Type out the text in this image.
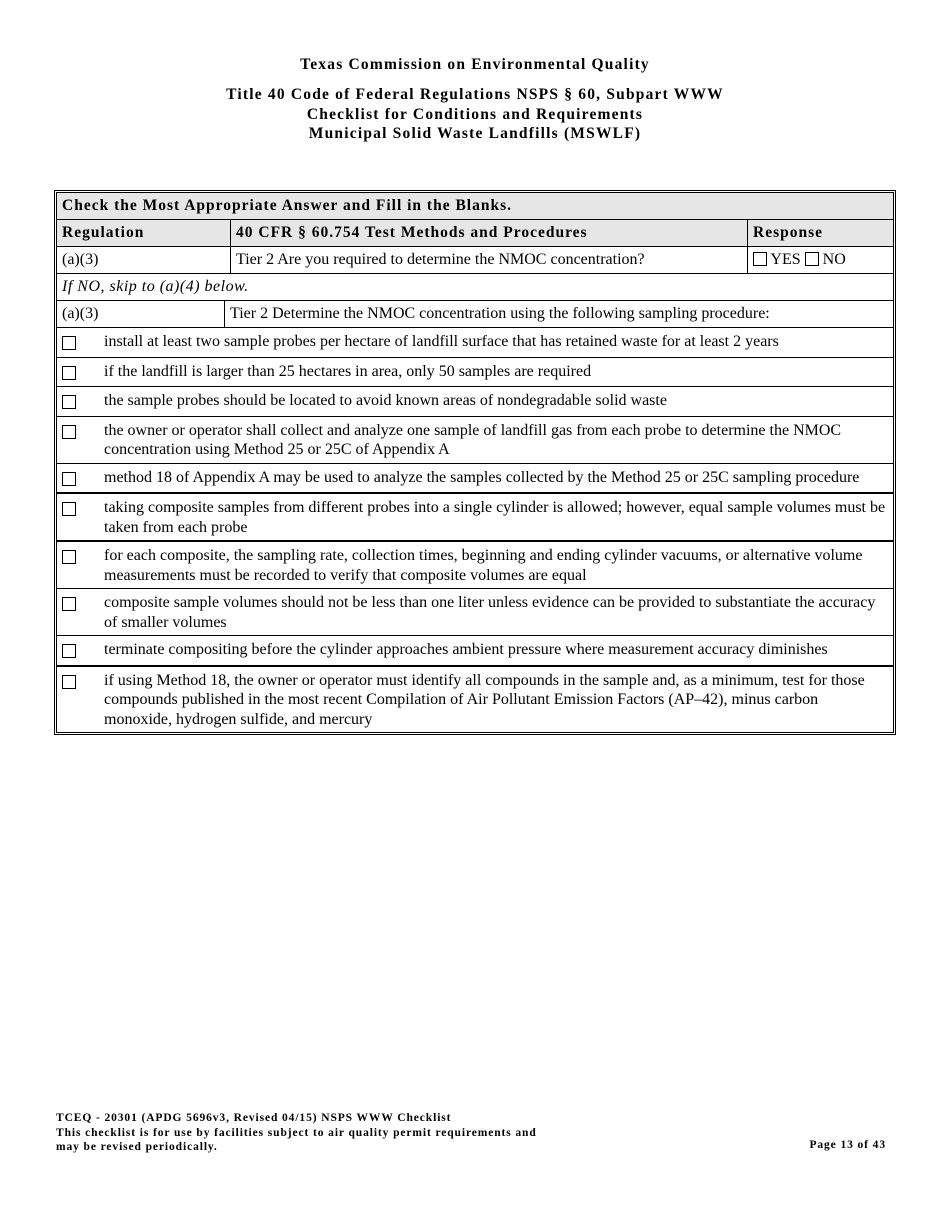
Texas Commission on Environmental Quality
Title 40 Code of Federal Regulations NSPS § 60, Subpart WWW
Checklist for Conditions and Requirements
Municipal Solid Waste Landfills (MSWLF)
Check the Most Appropriate Answer and Fill in the Blanks.
Regulation	40 CFR § 60.754 Test Methods and Procedures	Response
(a)(3)	Tier 2 Are you required to determine the NMOC concentration?	YES NO
If NO, skip to (a)(4) below.
(a)(3)	Tier 2 Determine the NMOC concentration using the following sampling procedure:
install at least two sample probes per hectare of landfill surface that has retained waste for at least 2 years
if the landfill is larger than 25 hectares in area, only 50 samples are required
the sample probes should be located to avoid known areas of nondegradable solid waste
the owner or operator shall collect and analyze one sample of landfill gas from each probe to determine the NMOC concentration using Method 25 or 25C of Appendix A
method 18 of Appendix A may be used to analyze the samples collected by the Method 25 or 25C sampling procedure
taking composite samples from different probes into a single cylinder is allowed; however, equal sample volumes must be taken from each probe
for each composite, the sampling rate, collection times, beginning and ending cylinder vacuums, or alternative volume measurements must be recorded to verify that composite volumes are equal
composite sample volumes should not be less than one liter unless evidence can be provided to substantiate the accuracy of smaller volumes
terminate compositing before the cylinder approaches ambient pressure where measurement accuracy diminishes
if using Method 18, the owner or operator must identify all compounds in the sample and, as a minimum, test for those compounds published in the most recent Compilation of Air Pollutant Emission Factors (AP–42), minus carbon monoxide, hydrogen sulfide, and mercury
TCEQ - 20301 (APDG 5696v3, Revised 04/15) NSPS WWW Checklist
This checklist is for use by facilities subject to air quality permit requirements and
may be revised periodically.	Page 13 of 43
